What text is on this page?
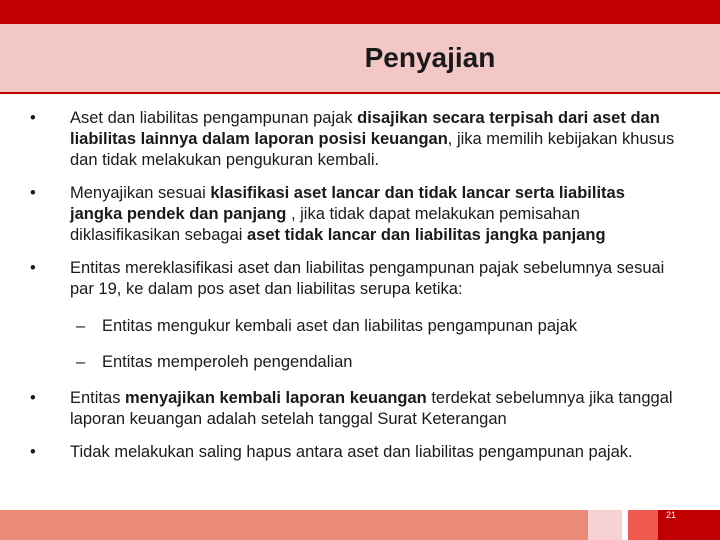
Penyajian
•	Aset dan liabilitas pengampunan pajak disajikan secara terpisah dari aset dan liabilitas lainnya dalam laporan posisi keuangan, jika memilih kebijakan khusus dan tidak melakukan pengukuran kembali.
•	Menyajikan sesuai klasifikasi aset lancar dan tidak lancar serta liabilitas jangka pendek dan panjang , jika tidak dapat melakukan pemisahan diklasifikasikan sebagai aset tidak lancar dan liabilitas jangka panjang
•	Entitas mereklasifikasi aset dan liabilitas pengampunan pajak sebelumnya sesuai par 19, ke dalam pos aset dan liabilitas serupa ketika:
– Entitas mengukur kembali aset dan liabilitas pengampunan pajak
– Entitas memperoleh pengendalian
•	Entitas menyajikan kembali laporan keuangan terdekat sebelumnya jika tanggal laporan keuangan adalah setelah tanggal Surat Keterangan
•	Tidak melakukan saling hapus antara aset dan liabilitas pengampunan pajak.
21
